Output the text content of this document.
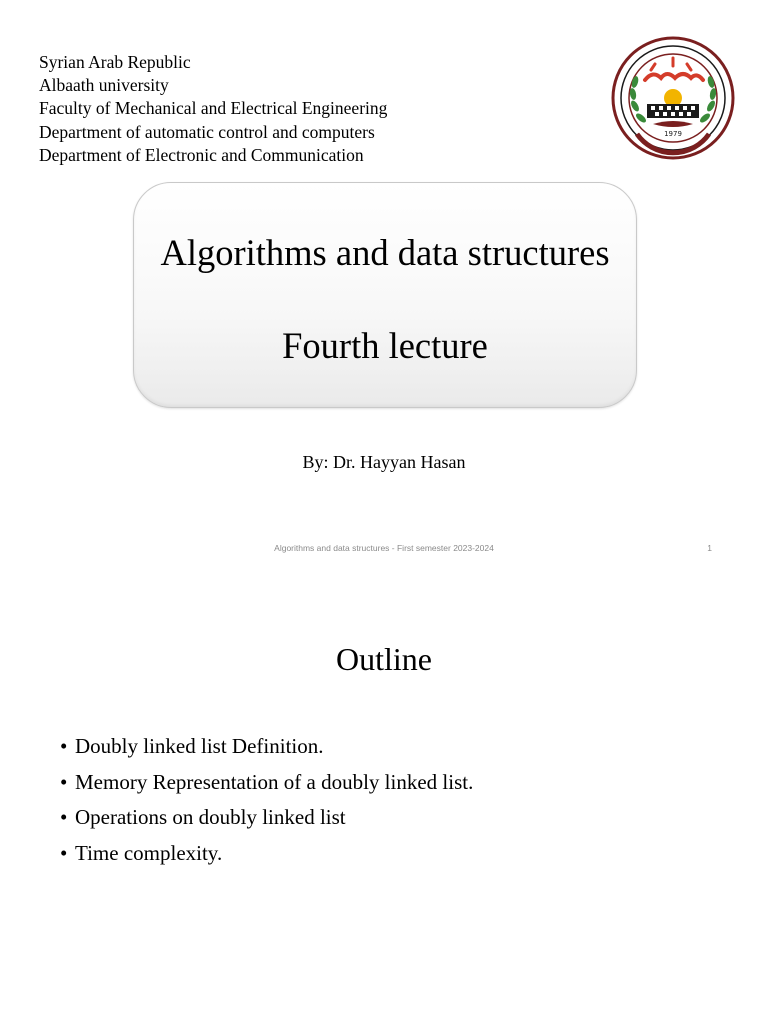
Syrian Arab Republic
Albaath university
Faculty of Mechanical and Electrical Engineering
Department of automatic control and computers
Department of Electronic and Communication
1979
Algorithms and data structures
Fourth lecture
By: Dr. Hayyan Hasan
Algorithms and data structures - First semester 2023-2024	1
Outline
• Doubly linked list Definition.
• Memory Representation of a doubly linked list.
• Operations on doubly linked list
• Time complexity.
